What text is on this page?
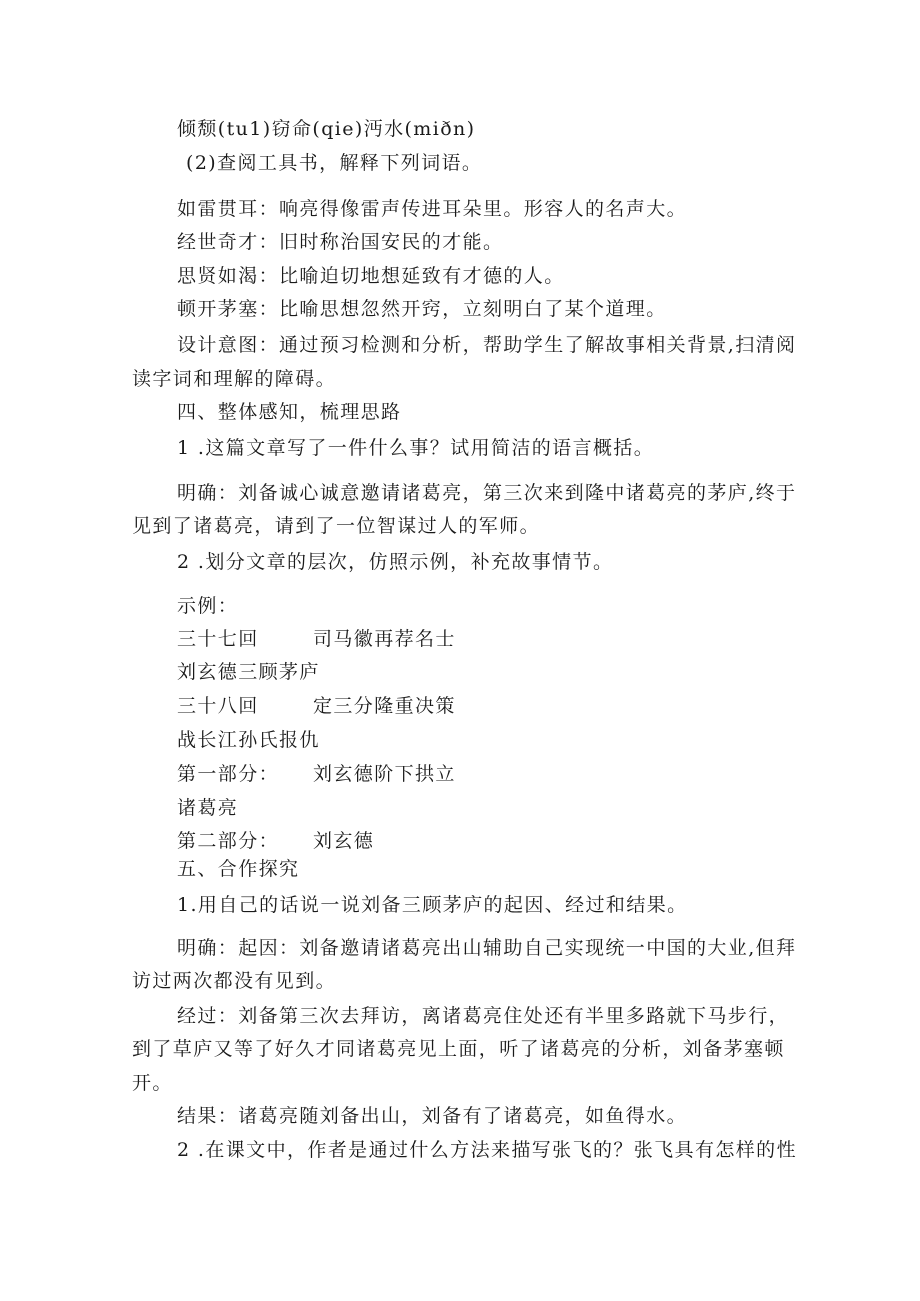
倾颓(tu1)窃命(qie)沔水(miðn)
(2)查阅工具书，解释下列词语。
如雷贯耳：响亮得像雷声传进耳朵里。形容人的名声大。
经世奇才：旧时称治国安民的才能。
思贤如渴：比喻迫切地想延致有才德的人。
顿开茅塞：比喻思想忽然开窍，立刻明白了某个道理。
设计意图：通过预习检测和分析，帮助学生了解故事相关背景,扫清阅
读字词和理解的障碍。
四、整体感知，梳理思路
1 .这篇文章写了一件什么事？试用简洁的语言概括。
明确：刘备诚心诚意邀请诸葛亮，第三次来到隆中诸葛亮的茅庐,终于
见到了诸葛亮，请到了一位智谋过人的军师。
2 .划分文章的层次，仿照示例，补充故事情节。
示例：
三十七回	司马徽再荐名士
刘玄德三顾茅庐
三十八回	定三分隆重决策
战长江孙氏报仇
第一部分： 刘玄德阶下拱立
诸葛亮
第二部分： 刘玄德
五、合作探究
1.用自己的话说一说刘备三顾茅庐的起因、经过和结果。
明确：起因：刘备邀请诸葛亮出山辅助自己实现统一中国的大业,但拜
访过两次都没有见到。
经过：刘备第三次去拜访，离诸葛亮住处还有半里多路就下马步行，
到了草庐又等了好久才同诸葛亮见上面，听了诸葛亮的分析，刘备茅塞顿
开。
结果：诸葛亮随刘备出山，刘备有了诸葛亮，如鱼得水。
2 .在课文中，作者是通过什么方法来描写张飞的？张飞具有怎样的性
